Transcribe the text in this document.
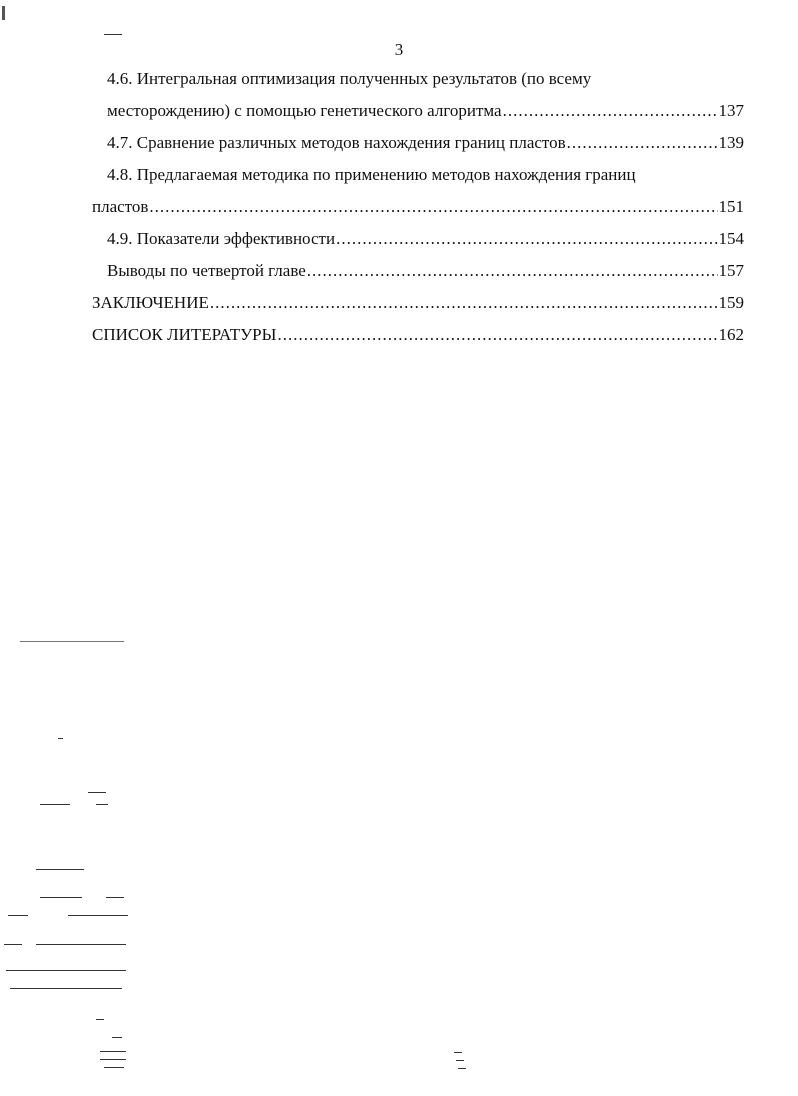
3
4.6. Интегральная оптимизация полученных результатов (по всему
месторождению) с помощью генетического алгоритма .....	137
4.7. Сравнение различных методов нахождения границ пластов .....	139
4.8. Предлагаемая методика по применению методов нахождения границ
пластов .....	151
4.9. Показатели эффективности .....	154
Выводы по четвертой главе .....	157
ЗАКЛЮЧЕНИЕ .....	159
СПИСОК ЛИТЕРАТУРЫ .....	162
